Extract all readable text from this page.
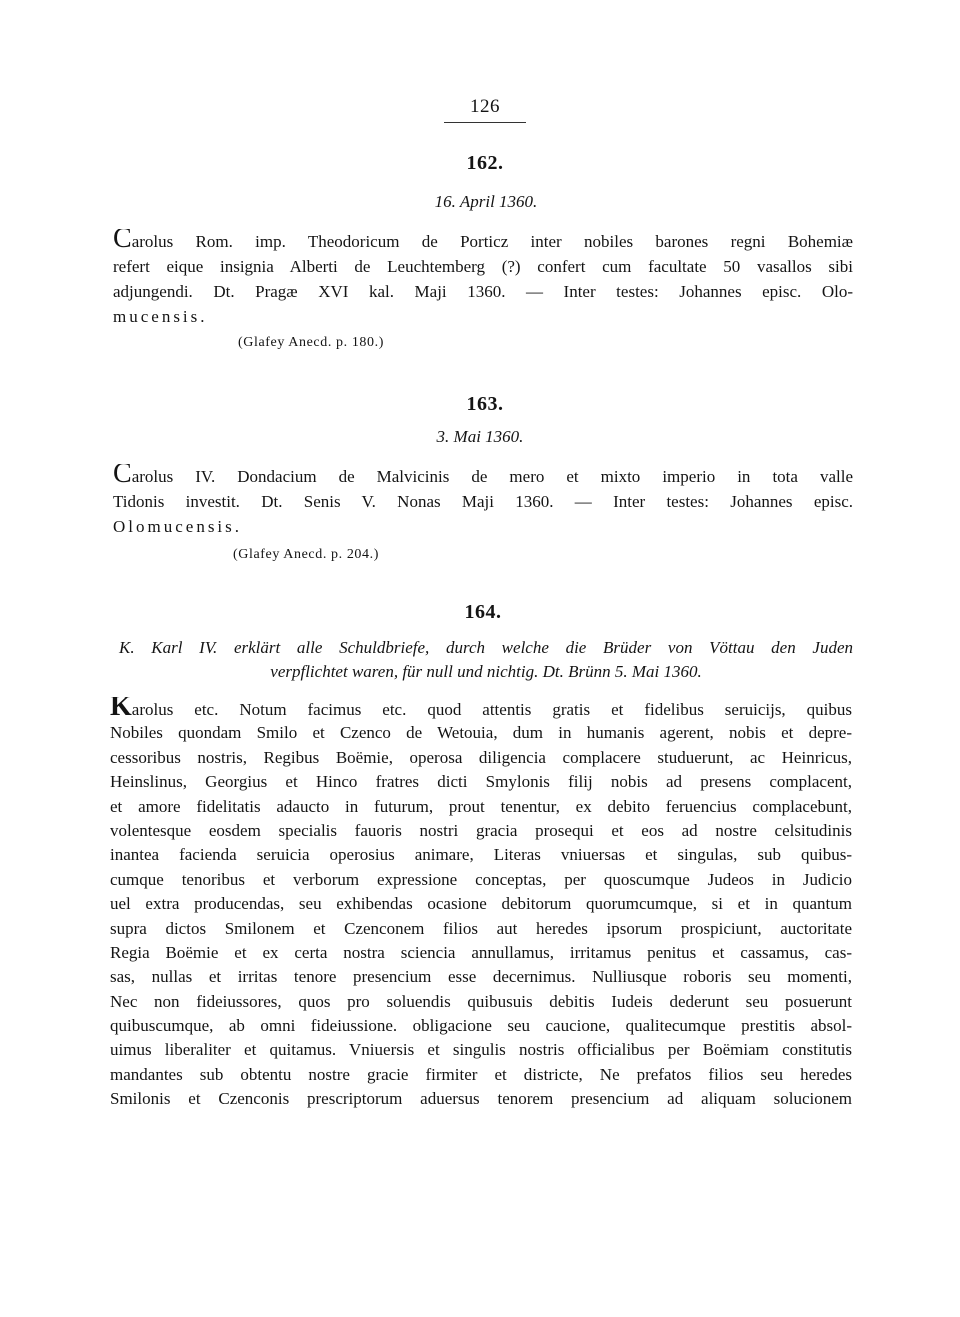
126
162.
16. April 1360.
Carolus Rom. imp. Theodoricum de Porticz inter nobiles barones regni Bohemiæ
refert eique insignia Alberti de Leuchtemberg (?) confert cum facultate 50 vasallos sibi
adjungendi. Dt. Pragæ XVI kal. Maji 1360. — Inter testes: Johannes episc. Olo-
mucensis.
(Glafey Anecd. p. 180.)
163.
3. Mai 1360.
Carolus IV. Dondacium de Malvicinis de mero et mixto imperio in tota valle
Tidonis investit. Dt. Senis V. Nonas Maji 1360. — Inter testes: Johannes episc.
Olomucensis.
(Glafey Anecd. p. 204.)
164.
K. Karl IV. erklärt alle Schuldbriefe, durch welche die Brüder von Vöttau den Juden
verpflichtet waren, für null und nichtig. Dt. Brünn 5. Mai 1360.
Karolus etc. Notum facimus etc. quod attentis gratis et fidelibus seruicijs, quibus
Nobiles quondam Smilo et Czenco de Wetouia, dum in humanis agerent, nobis et depre-
cessoribus nostris, Regibus Boëmie, operosa diligencia complacere studuerunt, ac Heinricus,
Heinslinus, Georgius et Hinco fratres dicti Smylonis filij nobis ad presens complacent,
et amore fidelitatis adaucto in futurum, prout tenentur, ex debito feruencius complacebunt,
volentesque eosdem specialis fauoris nostri gracia prosequi et eos ad nostre celsitudinis
inantea facienda seruicia operosius animare, Literas vniuersas et singulas, sub quibus-
cumque tenoribus et verborum expressione conceptas, per quoscumque Judeos in Judicio
uel extra producendas, seu exhibendas ocasione debitorum quorumcumque, si et in quantum
supra dictos Smilonem et Czenconem filios aut heredes ipsorum prospiciunt, auctoritate
Regia Boëmie et ex certa nostra sciencia annullamus, irritamus penitus et cassamus, cas-
sas, nullas et irritas tenore presencium esse decernimus. Nulliusque roboris seu momenti,
Nec non fideiussores, quos pro soluendis quibusuis debitis Iudeis dederunt seu posuerunt
quibuscumque, ab omni fideiussione. obligacione seu caucione, qualitecumque prestitis absol-
uimus liberaliter et quitamus. Vniuersis et singulis nostris officialibus per Boëmiam constitutis
mandantes sub obtentu nostre gracie firmiter et districte, Ne prefatos filios seu heredes
Smilonis et Czenconis prescriptorum aduersus tenorem presencium ad aliquam solucionem
